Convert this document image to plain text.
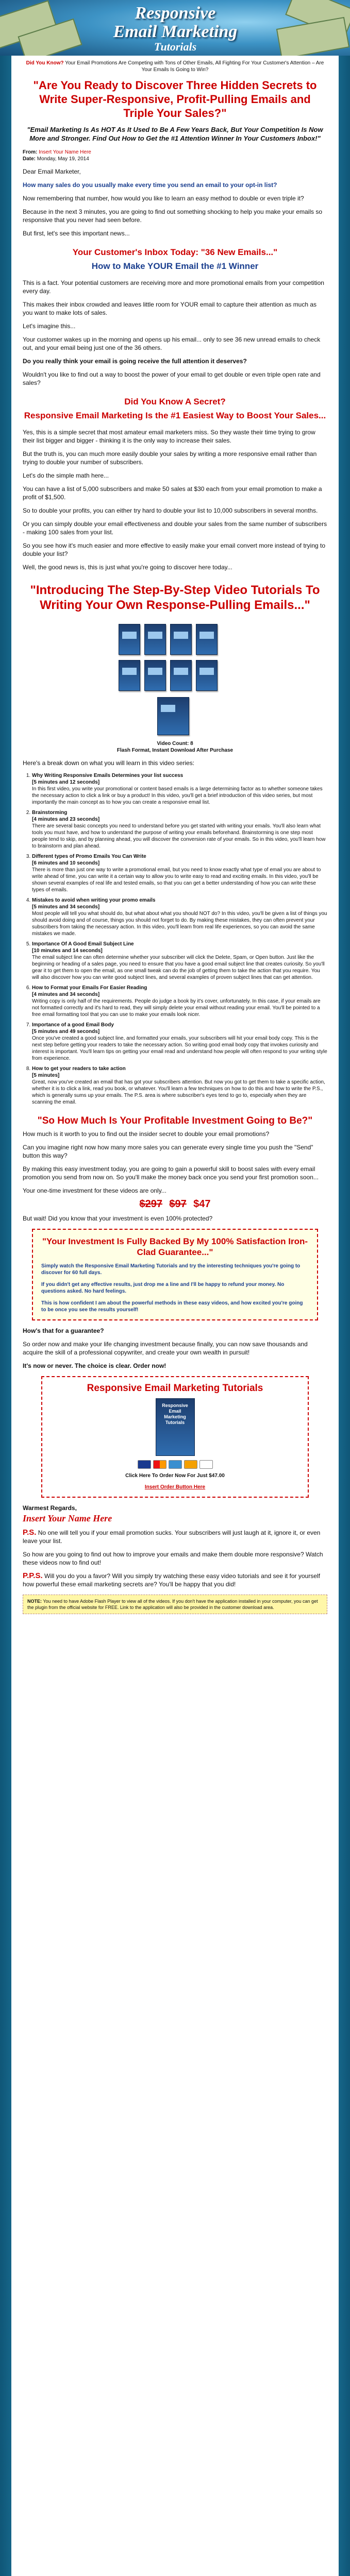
Responsive
Email Marketing

Tutorials
Did You Know? Your Email Promotions Are Competing with Tons of Other Emails, All Fighting For Your Customer's Attention – Are Your Emails Is Going to Win?
"Are You Ready to Discover Three Hidden Secrets to Write Super-Responsive, Profit-Pulling Emails and Triple Your Sales?"
"Email Marketing Is As HOT As It Used to Be A Few Years Back, But Your Competition Is Now More and Stronger. Find Out How to Get the #1 Attention Winner In Your Customers Inbox!"

From: Insert Your Name Here
Date: Monday, May 19, 2014

Dear Email Marketer,

How many sales do you usually make every time you send an email to your opt-in list?

Now remembering that number, how would you like to learn an easy method to double or even triple it?

Because in the next 3 minutes, you are going to find out something shocking to help you make your emails so responsive that you never had seen before.

But first, let's see this important news...

Your Customer's Inbox Today: "36 New Emails..."
How to Make YOUR Email the #1 Winner

This is a fact. Your potential customers are receiving more and more promotional emails from your competition every day.

This makes their inbox crowded and leaves little room for YOUR email to capture their attention as much as you want to make lots of sales.

Let's imagine this...

Your customer wakes up in the morning and opens up his email... only to see 36 new unread emails to check out, and your email being just one of the 36 others.

Do you really think your email is going receive the full attention it deserves?

Wouldn't you like to find out a way to boost the power of your email to get double or even triple open rate and sales?

Did You Know A Secret?
Responsive Email Marketing Is the #1 Easiest Way to Boost Your Sales...

Yes, this is a simple secret that most amateur email marketers miss. So they waste their time trying to grow their list bigger and bigger - thinking it is the only way to increase their sales.

But the truth is, you can much more easily double your sales by writing a more responsive email rather than trying to double your number of subscribers.

Let's do the simple math here...

You can have a list of 5,000 subscribers and make 50 sales at $30 each from your email promotion to make a profit of $1,500.

So to double your profits, you can either try hard to double your list to 10,000 subscribers in several months.

Or you can simply double your email effectiveness and double your sales from the same number of subscribers - making 100 sales from your list.

So you see how it's much easier and more effective to easily make your email convert more instead of trying to double your list?

Well, the good news is, this is just what you're going to discover here today...

"Introducing The Step-By-Step Video Tutorials To Writing Your Own Response-Pulling Emails..."
Video Count: 8
Flash Format, Instant Download After Purchase

Here's a break down on what you will learn in this video series:

1. Why Writing Responsive Emails Determines your list success
[5 minutes and 12 seconds]
In this first video, you write your promotional or content based emails is a large determining factor as to whether someone takes the necessary action to click a link or buy a product! In this video, you'll get a brief introduction of this video series, but most importantly the main concept as to how you can create a responsive email list.
2. Brainstorming
[4 minutes and 23 seconds]
There are several basic concepts you need to understand before you get started with writing your emails. You'll also learn what tools you must have, and how to understand the purpose of writing your emails beforehand. Brainstorming is one step most people tend to skip, and by planning ahead, you will discover the conversion rate of your emails. So in this video, you'll learn how to brainstorm and plan ahead.
3. Different types of Promo Emails You Can Write
[6 minutes and 10 seconds]
There is more than just one way to write a promotional email, but you need to know exactly what type of email you are about to write ahead of time, you can write it a certain way to allow you to write easy to read and exciting emails. In this video, you'll be shown several examples of real life and tested emails, so that you can get a better understanding of how you can write these types of emails.
4. Mistakes to avoid when writing your promo emails
[5 minutes and 34 seconds]
Most people will tell you what should do, but what about what you should NOT do? In this video, you'll be given a list of things you should avoid doing and of course, things you should not forget to do. By making these mistakes, they can often prevent your subscribers from taking the necessary action. In this video, you'll learn from real life experiences, so you can avoid the same mistakes we made.
5. Importance Of A Good Email Subject Line
[10 minutes and 14 seconds]
The email subject line can often determine whether your subscriber will click the Delete, Spam, or Open button. Just like the beginning or heading of a sales page, you need to ensure that you have a good email subject line that creates curiosity. So you'll gear it to get them to open the email, as one small tweak can do the job of getting them to take the action that you require. You will also discover how you can write good subject lines, and several examples of proven subject lines that can get attention.
6. How to Format your Emails For Easier Reading
[4 minutes and 34 seconds]
Writing copy is only half of the requirements. People do judge a book by it's cover, unfortunately. In this case, if your emails are not formatted correctly and it's hard to read, they will simply delete your email without reading your email. You'll be pointed to a free email formatting tool that you can use to make your emails look nicer.
7. Importance of a good Email Body
[5 minutes and 49 seconds]
Once you've created a good subject line, and formatted your emails, your subscribers will hit your email body copy. This is the next step before getting your readers to take the necessary action. So writing good email body copy that invokes curiosity and interest is important. You'll learn tips on getting your email read and understand how people will often respond to your writing style from experience.
8. How to get your readers to take action
[5 minutes]
Great, now you've created an email that has got your subscribers attention. But now you got to get them to take a specific action, whether it is to click a link, read you book, or whatever. You'll learn a few techniques on how to do this and how to write the P.S., which is generally sums up your emails. The P.S. area is where subscriber's eyes tend to go to, especially when they are scanning the email.
"So How Much Is Your Profitable Investment Going to Be?"

How much is it worth to you to find out the insider secret to double your email promotions?

Can you imagine right now how many more sales you can generate every single time you push the "Send" button this way?

By making this easy investment today, you are going to gain a powerful skill to boost sales with every email promotion you send from now on. So you'll make the money back once you send your first promotion soon...

Your one-time investment for these videos are only...

$297 $97 $47

But wait! Did you know that your investment is even 100% protected?

"Your Investment Is Fully Backed By My 100% Satisfaction Iron-Clad Guarantee..."

Simply watch the Responsive Email Marketing Tutorials and try the interesting techniques you're going to discover for 60 full days.

If you didn't get any effective results, just drop me a line and I'll be happy to refund your money. No questions asked. No hard feelings.

This is how confident I am about the powerful methods in these easy videos, and how excited you're going to be once you see the results yourself!

How's that for a guarantee?

So order now and make your life changing investment because finally, you can now save thousands and acquire the skill of a professional copywriter, and create your own wealth in pursuit!

It's now or never. The choice is clear. Order now!

Responsive Email Marketing Tutorials
Responsive Email Marketing Tutorials
Click Here To Order Now For Just $47.00
Insert Order Button Here

Warmest Regards,

Insert Your Name Here

P.S. No one will tell you if your email promotion sucks. Your subscribers will just laugh at it, ignore it, or even leave your list.

So how are you going to find out how to improve your emails and make them double more responsive? Watch these videos now to find out!

P.P.S. Will you do you a favor? Will you simply try watching these easy video tutorials and see it for yourself how powerful these email marketing secrets are? You'll be happy that you did!

NOTE: You need to have Adobe Flash Player to view all of the videos. If you don't have the application installed in your computer, you can get the plugin from the official website for FREE. Link to the application will also be provided in the customer download area.
